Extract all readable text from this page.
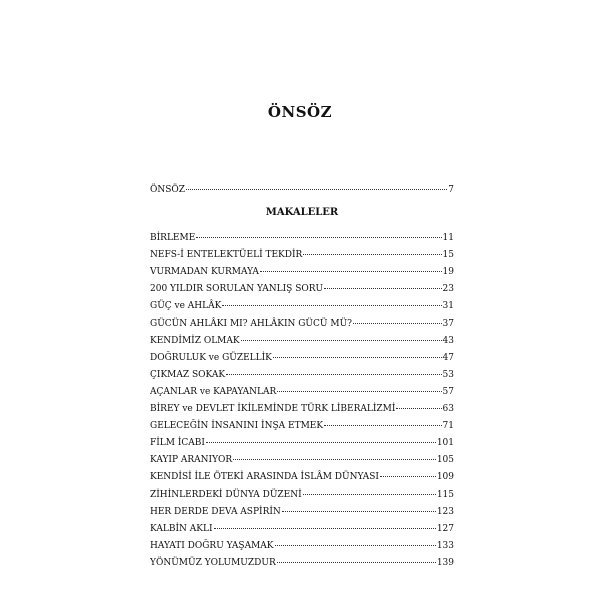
ÖNSÖZ
ÖNSÖZ	7
MAKALELER
BİRLEME	11
NEFS-İ ENTELEKTÜELİ TEKDİR	15
VURMADAN KURMAYA	19
200 YILDIR SORULAN YANLIŞ SORU	23
GÜÇ ve AHLÂK	31
GÜCÜN AHLÂKI MI? AHLÂKIN GÜCÜ MÜ?	37
KENDİMİZ OLMAK	43
DOĞRULUK ve GÜZELLİK	47
ÇIKMAZ SOKAK	53
AÇANLAR ve KAPAYANLAR	57
BİREY ve DEVLET İKİLEMİNDE TÜRK LİBERALİZMİ	63
GELECEĞİN İNSANINI İNŞA ETMEK	71
FİLM İCABI	101
KAYIP ARANIYOR	105
KENDİSİ İLE ÖTEKİ ARASINDA İSLÂM DÜNYASI	109
ZİHİNLERDEKİ DÜNYA DÜZENİ	115
HER DERDE DEVA ASPİRİN	123
KALBİN AKLI	127
HAYATI DOĞRU YAŞAMAK	133
YÖNÜMÜZ YOLUMUZDUR	139
